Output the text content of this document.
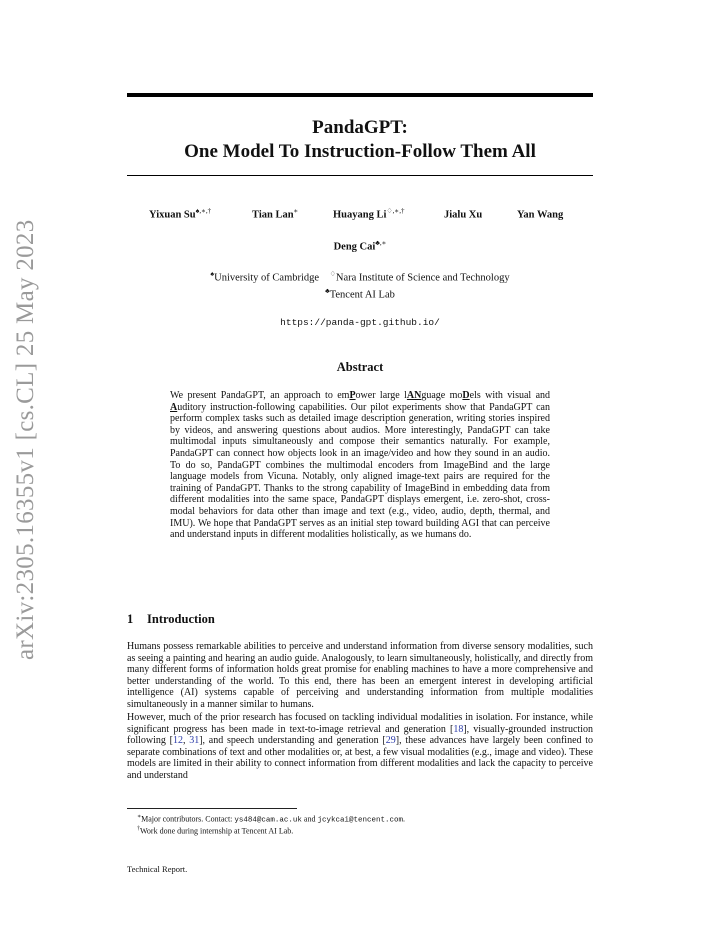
arXiv:2305.16355v1 [cs.CL] 25 May 2023
PandaGPT:
One Model To Instruction-Follow Them All
Yixuan Su♠,∗,†	Tian Lan∗	Huayang Li♢,∗,†	Jialu Xu	Yan Wang
Deng Cai♣,∗
♠University of Cambridge ♢Nara Institute of Science and Technology
♣Tencent AI Lab
https://panda-gpt.github.io/
Abstract
We present PandaGPT, an approach to emPower large lANguage moDels with visual and Auditory instruction-following capabilities. Our pilot experiments show that PandaGPT can perform complex tasks such as detailed image description generation, writing stories inspired by videos, and answering questions about audios. More interestingly, PandaGPT can take multimodal inputs simultaneously and compose their semantics naturally. For example, PandaGPT can connect how objects look in an image/video and how they sound in an audio. To do so, PandaGPT combines the multimodal encoders from ImageBind and the large language models from Vicuna. Notably, only aligned image-text pairs are required for the training of PandaGPT. Thanks to the strong capability of ImageBind in embedding data from different modalities into the same space, PandaGPT displays emergent, i.e. zero-shot, cross-modal behaviors for data other than image and text (e.g., video, audio, depth, thermal, and IMU). We hope that PandaGPT serves as an initial step toward building AGI that can perceive and understand inputs in different modalities holistically, as we humans do.
1 Introduction
Humans possess remarkable abilities to perceive and understand information from diverse sensory modalities, such as seeing a painting and hearing an audio guide. Analogously, to learn simultaneously, holistically, and directly from many different forms of information holds great promise for enabling machines to have a more comprehensive and better understanding of the world. To this end, there has been an emergent interest in developing artificial intelligence (AI) systems capable of perceiving and understanding information from multiple modalities simultaneously in a manner similar to humans.
However, much of the prior research has focused on tackling individual modalities in isolation. For instance, while significant progress has been made in text-to-image retrieval and generation [18], visually-grounded instruction following [12, 31], and speech understanding and generation [29], these advances have largely been confined to separate combinations of text and other modalities or, at best, a few visual modalities (e.g., image and video). These models are limited in their ability to connect information from different modalities and lack the capacity to perceive and understand
∗Major contributors. Contact: ys484@cam.ac.uk and jcykcai@tencent.com.
†Work done during internship at Tencent AI Lab.
Technical Report.
